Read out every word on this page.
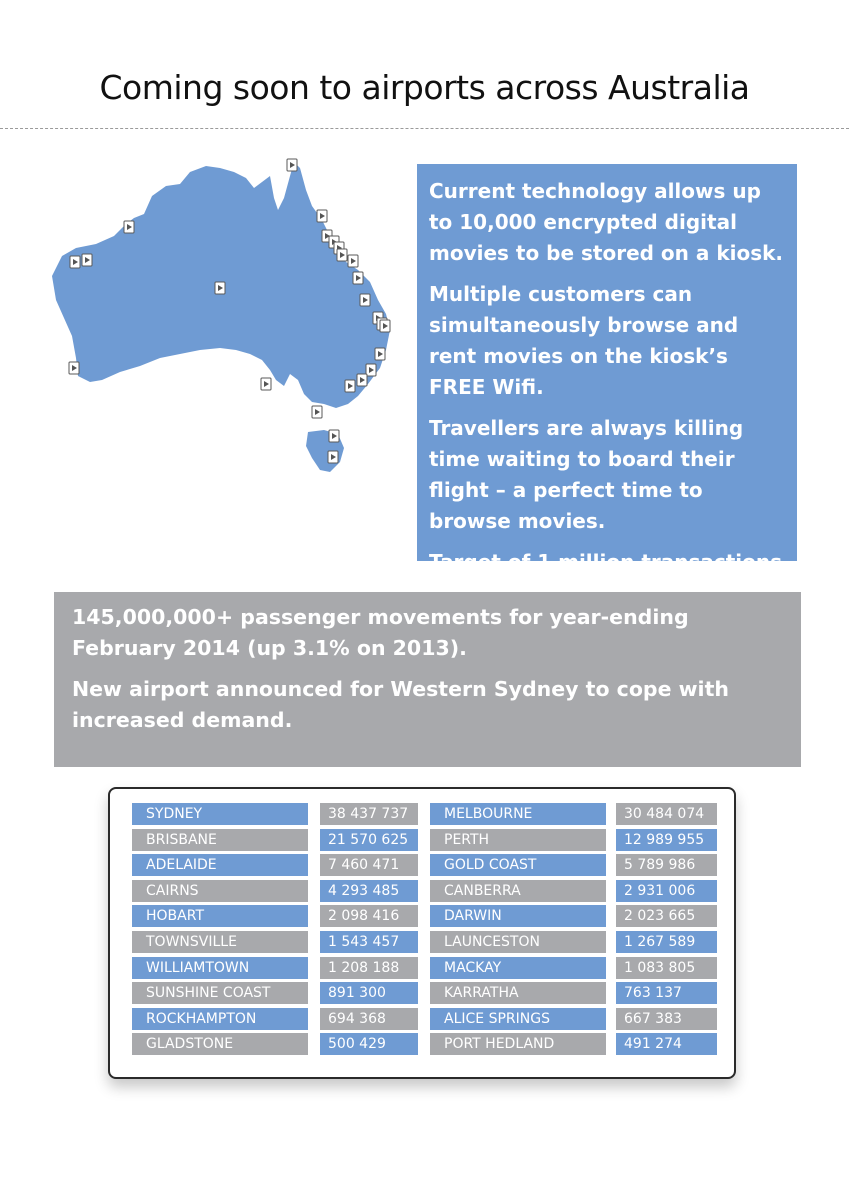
Coming soon to airports across Australia

Current technology allows up to 10,000 encrypted digital movies to be stored on a kiosk.

Multiple customers can simultaneously browse and rent movies on the kiosk’s FREE Wifi.

Travellers are always killing time waiting to board their flight – a perfect time to browse movies.

Target of 1 million transactions

145,000,000+ passenger movements for year-ending February 2014 (up 3.1% on 2013).

New airport announced for Western Sydney to cope with increased demand.

SYDNEY	38 437 737
BRISBANE	21 570 625
ADELAIDE	7 460 471
CAIRNS	4 293 485
HOBART	2 098 416
TOWNSVILLE	1 543 457
WILLIAMTOWN	1 208 188
SUNSHINE COAST	891 300
ROCKHAMPTON	694 368
GLADSTONE	500 429
MELBOURNE	30 484 074
PERTH	12 989 955
GOLD COAST	5 789 986
CANBERRA	2 931 006
DARWIN	2 023 665
LAUNCESTON	1 267 589
MACKAY	1 083 805
KARRATHA	763 137
ALICE SPRINGS	667 383
PORT HEDLAND	491 274
